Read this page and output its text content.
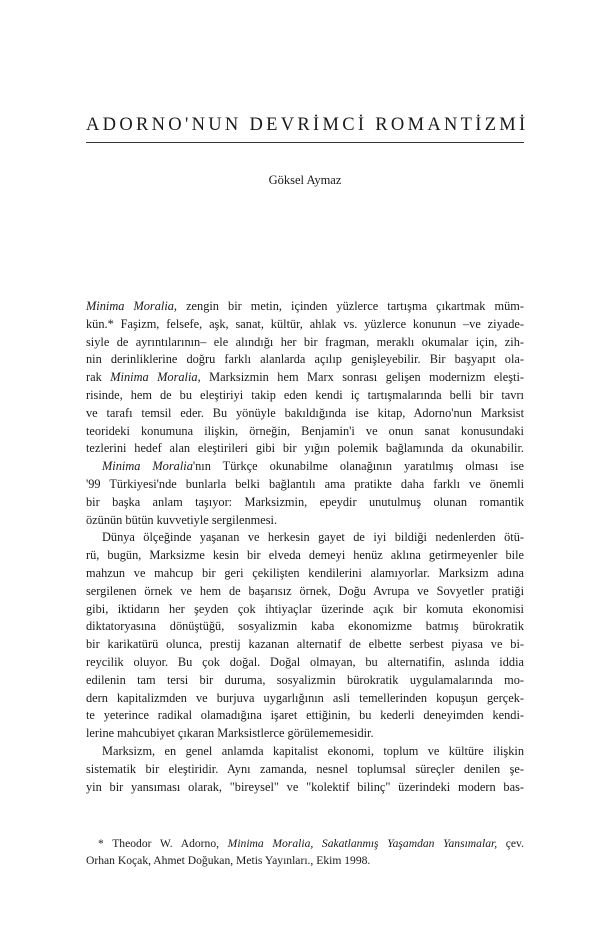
ADORNO'NUN DEVRİMCİ ROMANTİZMİ
Göksel Aymaz
Minima Moralia, zengin bir metin, içinden yüzlerce tartışma çıkartmak müm-
kün.* Faşizm, felsefe, aşk, sanat, kültür, ahlak vs. yüzlerce konunun –ve ziyade-
siyle de ayrıntılarının– ele alındığı her bir fragman, meraklı okumalar için, zih-
nin derinliklerine doğru farklı alanlarda açılıp genişleyebilir. Bir başyapıt ola-
rak Minima Moralia, Marksizmin hem Marx sonrası gelişen modernizm eleşti-
risinde, hem de bu eleştiriyi takip eden kendi iç tartışmalarında belli bir tavrı
ve tarafı temsil eder. Bu yönüyle bakıldığında ise kitap, Adorno'nun Marksist
teorideki konumuna ilişkin, örneğin, Benjamin'i ve onun sanat konusundaki
tezlerini hedef alan eleştirileri gibi bir yığın polemik bağlamında da okunabilir.
Minima Moralia'nın Türkçe okunabilme olanağının yaratılmış olması ise
'99 Türkiyesi'nde bunlarla belki bağlantılı ama pratikte daha farklı ve önemli
bir başka anlam taşıyor: Marksizmin, epeydir unutulmuş olunan romantik
özünün bütün kuvvetiyle sergilenmesi.
Dünya ölçeğinde yaşanan ve herkesin gayet de iyi bildiği nedenlerden ötü-
rü, bugün, Marksizme kesin bir elveda demeyi henüz aklına getirmeyenler bile
mahzun ve mahcup bir geri çekilişten kendilerini alamıyorlar. Marksizm adına
sergilenen örnek ve hem de başarısız örnek, Doğu Avrupa ve Sovyetler pratiği
gibi, iktidarın her şeyden çok ihtiyaçlar üzerinde açık bir komuta ekonomisi
diktatoryasına dönüştüğü, sosyalizmin kaba ekonomizme batmış bürokratik
bir karikatürü olunca, prestij kazanan alternatif de elbette serbest piyasa ve bi-
reycilik oluyor. Bu çok doğal. Doğal olmayan, bu alternatifin, aslında iddia
edilenin tam tersi bir duruma, sosyalizmin bürokratik uygulamalarında mo-
dern kapitalizmden ve burjuva uygarlığının asli temellerinden kopuşun gerçek-
te yeterince radikal olamadığına işaret ettiğinin, bu kederli deneyimden kendi-
lerine mahcubiyet çıkaran Marksistlerce görülememesidir.
Marksizm, en genel anlamda kapitalist ekonomi, toplum ve kültüre ilişkin
sistematik bir eleştiridir. Aynı zamanda, nesnel toplumsal süreçler denilen şe-
yin bir yansıması olarak, "bireysel" ve "kolektif bilinç" üzerindeki modern bas-
* Theodor W. Adorno, Minima Moralia, Sakatlanmış Yaşamdan Yansımalar, çev.
Orhan Koçak, Ahmet Doğukan, Metis Yayınları., Ekim 1998.
